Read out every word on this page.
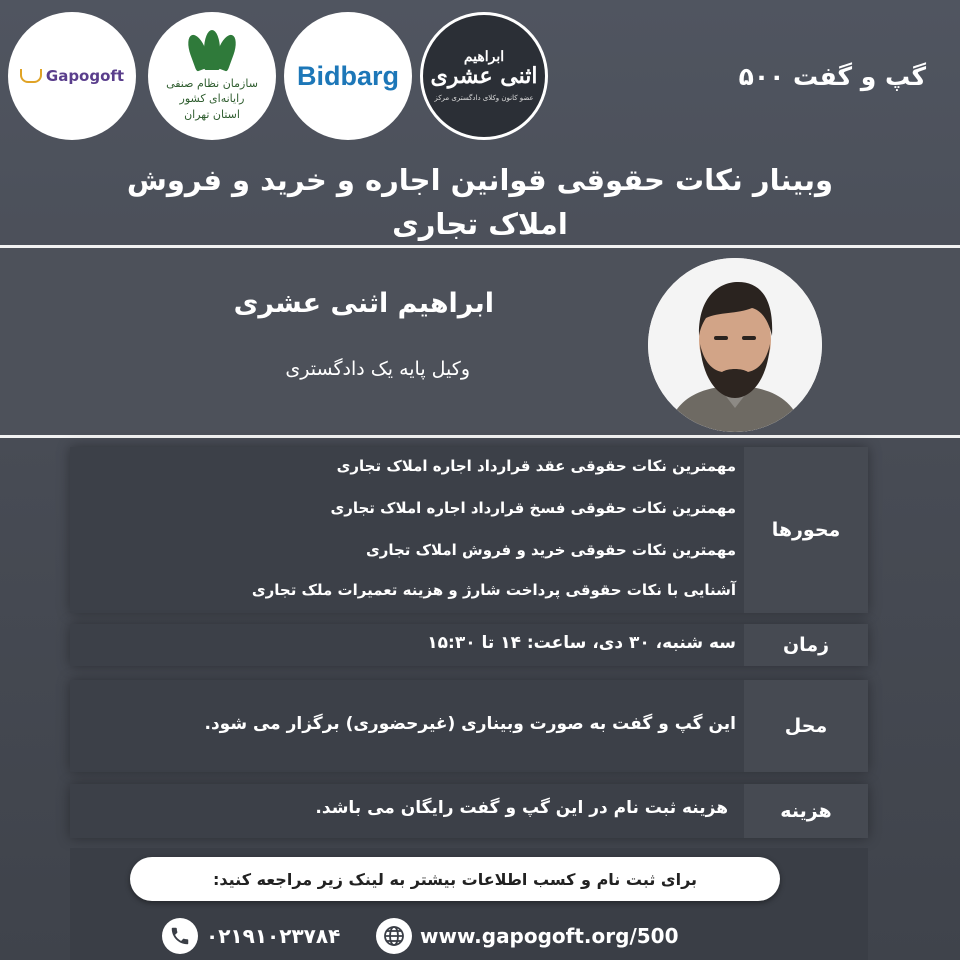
Gapogoft	سازمان نظام صنفی رایانه‌ای کشور
استان تهران
Bidbarg
ابراهیم
اثنی عشری
عضو کانون وکلای دادگستری مرکز
گپ و گفت ۵۰۰
وبینار نکات حقوقی قوانین اجاره و خرید و فروش
املاک تجاری
ابراهیم اثنی عشری
وکیل پایه یک دادگستری
محورها
مهمترین نکات حقوقی عقد قرارداد اجاره املاک تجاری
مهمترین نکات حقوقی فسخ قرارداد اجاره املاک تجاری
مهمترین نکات حقوقی خرید و فروش املاک تجاری
آشنایی با نکات حقوقی پرداخت شارژ و هزینه تعمیرات ملک تجاری
زمان
سه شنبه، ۳۰ دی، ساعت: ۱۴ تا ۱۵:۳۰
محل
این گپ و گفت به صورت وبیناری (غیرحضوری) برگزار می شود.
هزینه
هزینه ثبت نام در این گپ و گفت رایگان می باشد.
برای ثبت نام و کسب اطلاعات بیشتر به لینک زیر مراجعه کنید:
۰۲۱۹۱۰۲۳۷۸۴	www.gapogoft.org/500
